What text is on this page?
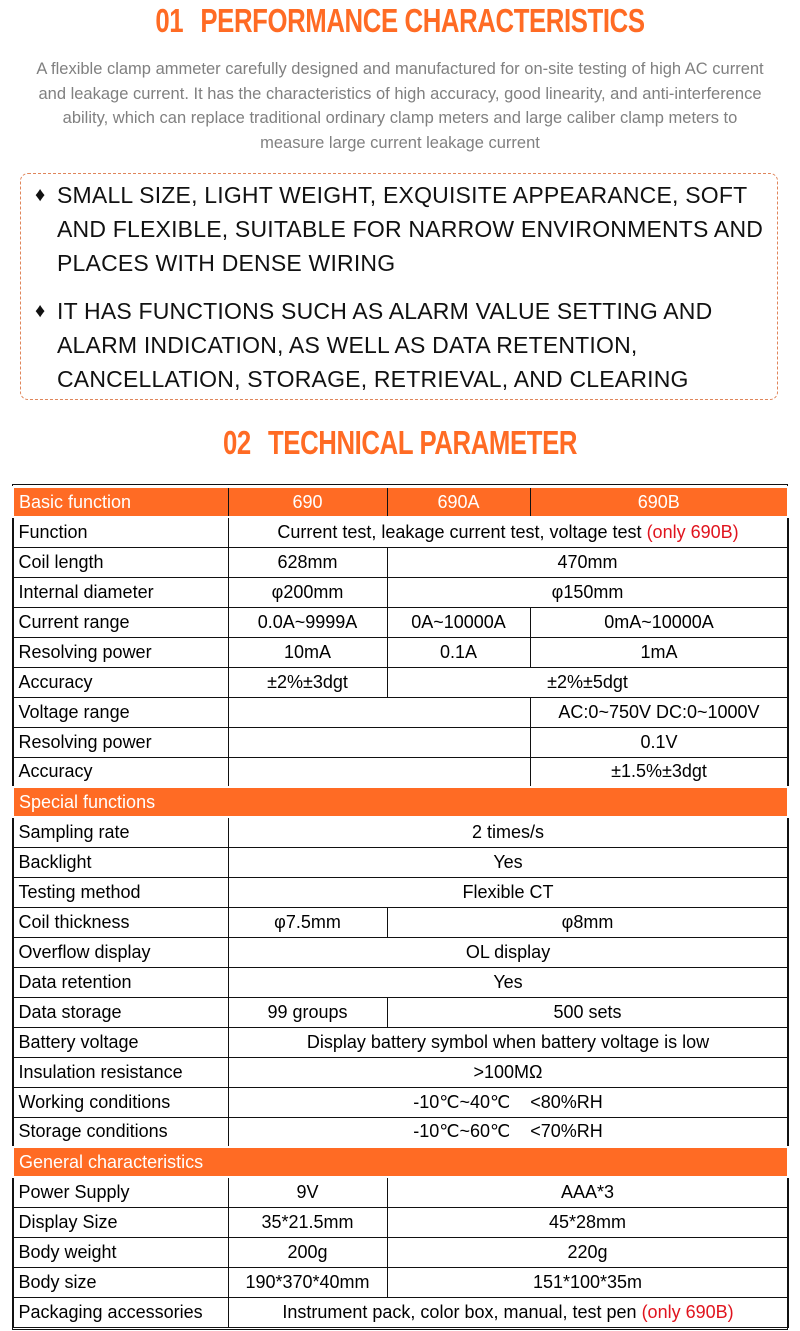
01 PERFORMANCE CHARACTERISTICS

A flexible clamp ammeter carefully designed and manufactured for on-site testing of high AC current and leakage current. It has the characteristics of high accuracy, good linearity, and anti-interference ability, which can replace traditional ordinary clamp meters and large caliber clamp meters to measure large current leakage current

♦ SMALL SIZE, LIGHT WEIGHT, EXQUISITE APPEARANCE, SOFT AND FLEXIBLE, SUITABLE FOR NARROW ENVIRONMENTS AND PLACES WITH DENSE WIRING
♦ IT HAS FUNCTIONS SUCH AS ALARM VALUE SETTING AND ALARM INDICATION, AS WELL AS DATA RETENTION, CANCELLATION, STORAGE, RETRIEVAL, AND CLEARING
02 TECHNICAL PARAMETER
Basic function	690	690A	690B
Function	Current test, leakage current test, voltage test (only 690B)		
Coil length	628mm	470mm	
Internal diameter	φ200mm	φ150mm	
Current range	0.0A~9999A	0A~10000A	0mA~10000A
Resolving power	10mA	0.1A	1mA
Accuracy	±2%±3dgt	±2%±5dgt	
Voltage range			AC:0~750V DC:0~1000V
Resolving power			0.1V
Accuracy			±1.5%±3dgt
Special functions			
Sampling rate	2 times/s		
Backlight	Yes		
Testing method	Flexible CT		
Coil thickness	φ7.5mm	φ8mm	
Overflow display	OL display		
Data retention	Yes		
Data storage	99 groups	500 sets	
Battery voltage	Display battery symbol when battery voltage is low		
Insulation resistance	>100MΩ		
Working conditions	-10℃~40℃    <80%RH		
Storage conditions	-10℃~60℃    <70%RH		
General characteristics			
Power Supply	9V	AAA*3	
Display Size	35*21.5mm	45*28mm	
Body weight	200g	220g	
Body size	190*370*40mm	151*100*35m	
Packaging accessories	Instrument pack, color box, manual, test pen (only 690B)		
